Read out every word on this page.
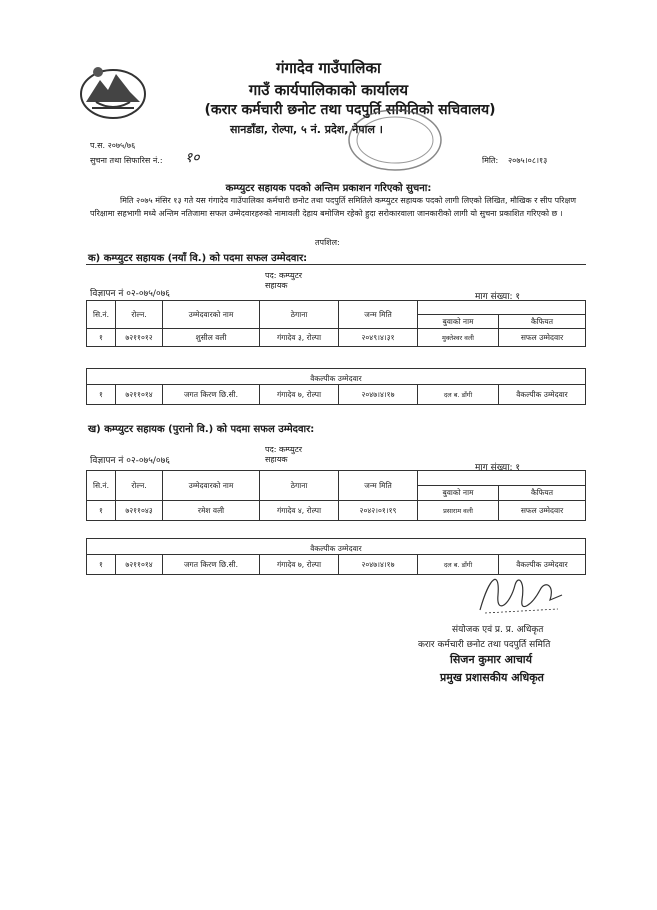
गंगादेव गाउँपालिका
गाउँ कार्यपालिकाको कार्यालय
(करार कर्मचारी छनोट तथा पदपुर्ति समितिको सचिवालय)
सानडाँडा, रोल्पा, ५ नं. प्रदेश, नेपाल ।
प.स. २०७५/७६
सुचना तथा सिफारिस नं.: १०	मिति: २०७५।०८।१३
कम्प्युटर सहायक पदको अन्तिम प्रकाशन गरिएको सुचना:
मिति २०७५ मंसिर १३ गते यस गंगादेव गाउँपालिका कर्मचारी छनोट तथा पदपुर्ति समितिले कम्प्युटर सहायक पदको लागी लिएको लिखित, मौखिक र सीप परिक्षण परिक्षामा सहभागी मध्ये अन्तिम नतिजामा सफल उम्मेदवारहरुको नामावली देहाय बमोजिम रहेको हुदा सरोकारवाला जानकारीको लागी यो सुचना प्रकाशित गरिएको छ ।
तपशिल:
क) कम्प्युटर सहायक (नयाँ वि.) को पदमा सफल उम्मेदवार:
पद: कम्प्युटर
सहायक
विज्ञापन नं ०२-०७५/०७६	माग संख्या: १
सि.नं.	रोल्न.	उम्मेदवारको नाम	ठेगाना	जन्म मिति		
					बुवाको नाम	कैफियत
१	७२११०१२	शुसील वली	गंगादेव ३, रोल्पा	२०४९।४।३१	मुक्तेश्वर वली	सफल उम्मेदवार
वैकल्पीक उम्मेदवार
१	७२११०१४	जगत किरण छि.सी.	गंगादेव ७, रोल्पा	२०४७।४।१७	दल ब. डाँगी	वैकल्पीक उम्मेदवार
ख) कम्प्युटर सहायक (पुरानो वि.) को पदमा सफल उम्मेदवार:
पद: कम्प्युटर
सहायक
विज्ञापन नं ०२-०७५/०७६
माग संख्या: १
सि.नं.	रोल्न.	उम्मेदवारको नाम	ठेगाना	जन्म मिति		
					बुवाको नाम	कैफियत
१	७२११०४३	रमेश वली	गंगादेव ४, रोल्पा	२०४२।०१।१९	प्रसाराम वली	सफल उम्मेदवार
वैकल्पीक उम्मेदवार
१	७२११०१४	जगत किरण छि.सी.	गंगादेव ७, रोल्पा	२०४७।४।१७	दल ब. डाँगी	वैकल्पीक उम्मेदवार
संयोजक एवं प्र. प्र. अधिकृत
करार कर्मचारी छनोट तथा पदपुर्ति समिति
सिजन कुमार आचार्य
प्रमुख प्रशासकीय अधिकृत
